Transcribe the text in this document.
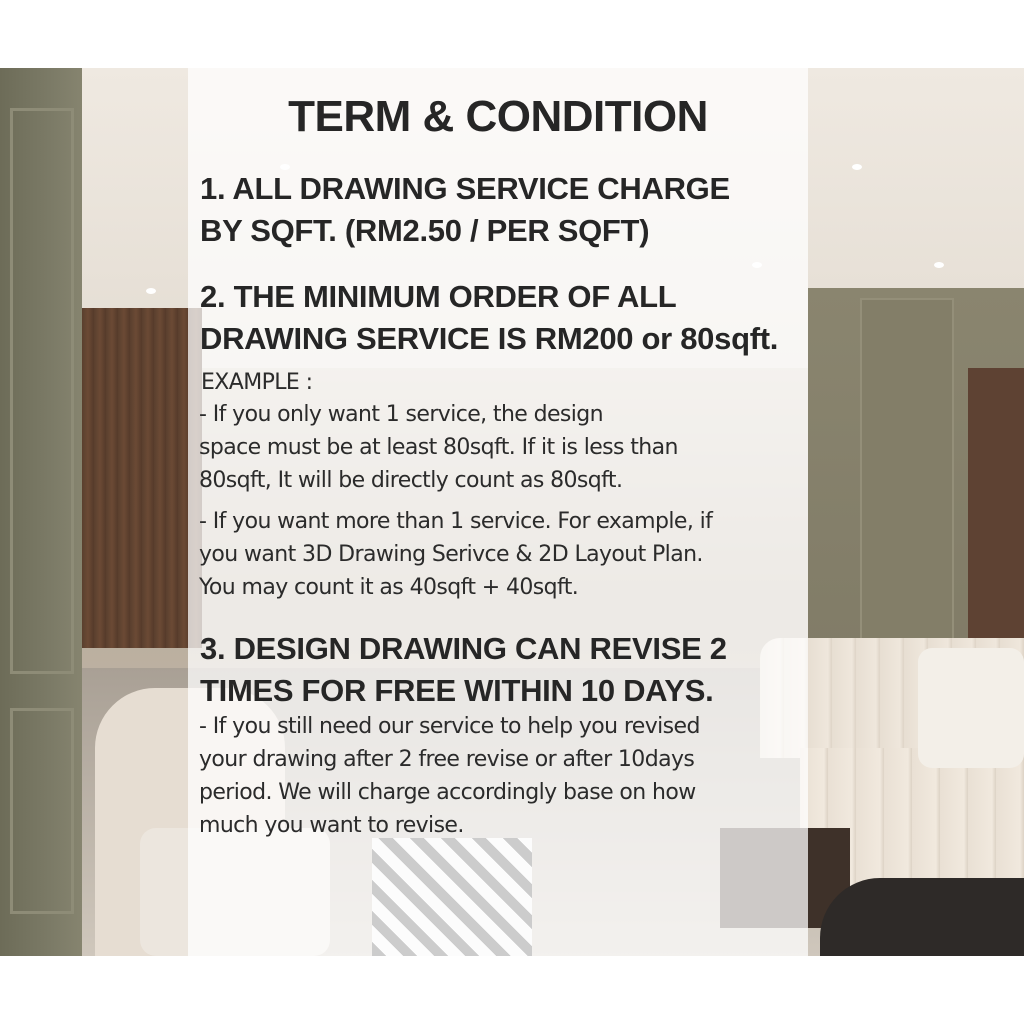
TERM & CONDITION
1. ALL DRAWING SERVICE CHARGE
BY SQFT. (RM2.50 / PER SQFT)
2. THE MINIMUM ORDER OF ALL
DRAWING SERVICE IS RM200 or 80sqft.
EXAMPLE :
- If you only want 1 service, the design
space must be at least 80sqft. If it is less than
80sqft, It will be directly count as 80sqft.
- If you want more than 1 service. For example, if
you want 3D Drawing Serivce & 2D Layout Plan.
You may count it as 40sqft + 40sqft.
3. DESIGN DRAWING CAN REVISE 2
TIMES FOR FREE WITHIN 10 DAYS.
- If you still need our service to help you revised
your drawing after 2 free revise or after 10days
period. We will charge accordingly base on how
much you want to revise.
